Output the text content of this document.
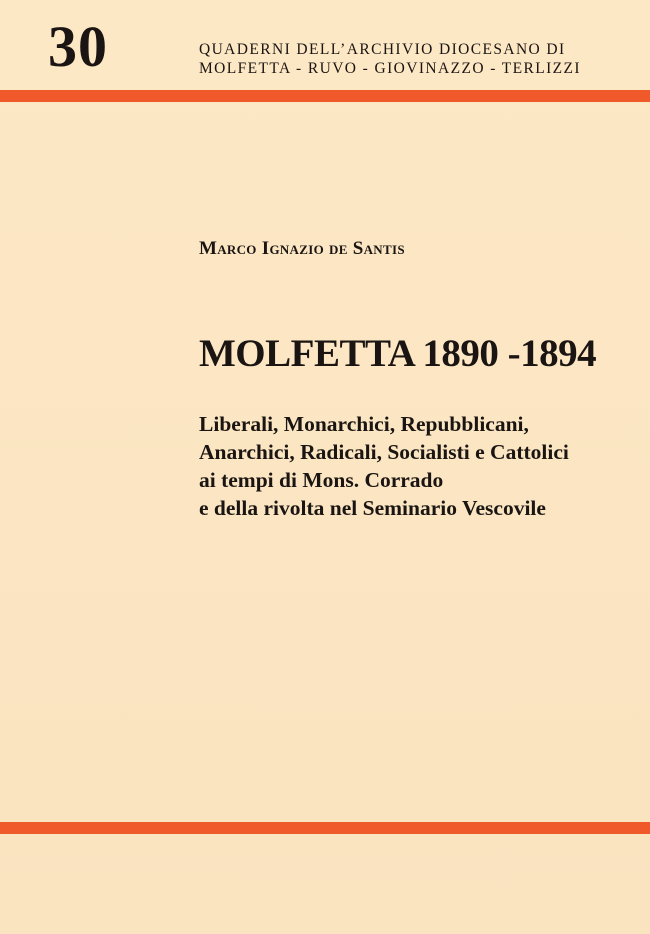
30	QUADERNI DELL’ARCHIVIO DIOCESANO DI
MOLFETTA - RUVO - GIOVINAZZO - TERLIZZI
Marco Ignazio de Santis
MOLFETTA 1890 -1894
Liberali, Monarchici, Repubblicani,
Anarchici, Radicali, Socialisti e Cattolici
ai tempi di Mons. Corrado
e della rivolta nel Seminario Vescovile
